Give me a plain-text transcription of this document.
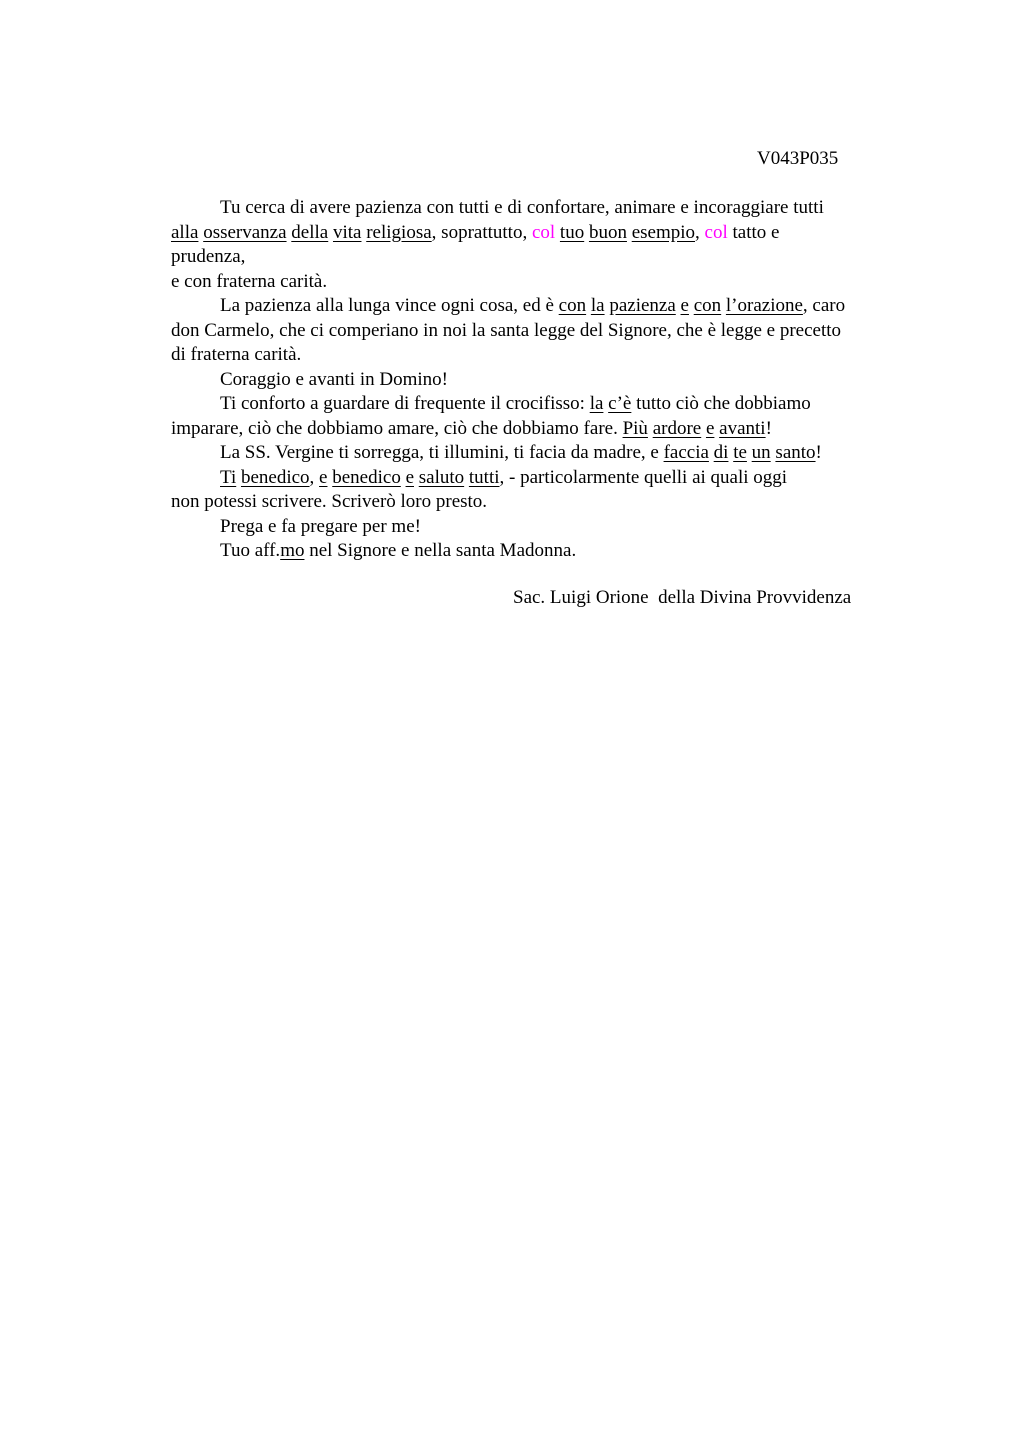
V043P035
Tu cerca di avere pazienza con tutti e di confortare, animare e incoraggiare tutti
alla osservanza della vita religiosa, soprattutto, col tuo buon esempio, col tatto e
prudenza,
e con fraterna carità.
La pazienza alla lunga vince ogni cosa, ed è con la pazienza e con l’orazione, caro
don Carmelo, che ci comperiano in noi la santa legge del Signore, che è legge e precetto
di fraterna carità.
Coraggio e avanti in Domino!
Ti conforto a guardare di frequente il crocifisso: la c’è tutto ciò che dobbiamo
imparare, ciò che dobbiamo amare, ciò che dobbiamo fare. Più ardore e avanti!
La SS. Vergine ti sorregga, ti illumini, ti facia da madre, e faccia di te un santo!
Ti benedico, e benedico e saluto tutti, - particolarmente quelli ai quali oggi
non potessi scrivere. Scriverò loro presto.
Prega e fa pregare per me!
Tuo aff.mo nel Signore e nella santa Madonna.
Sac. Luigi Orione  della Divina Provvidenza
